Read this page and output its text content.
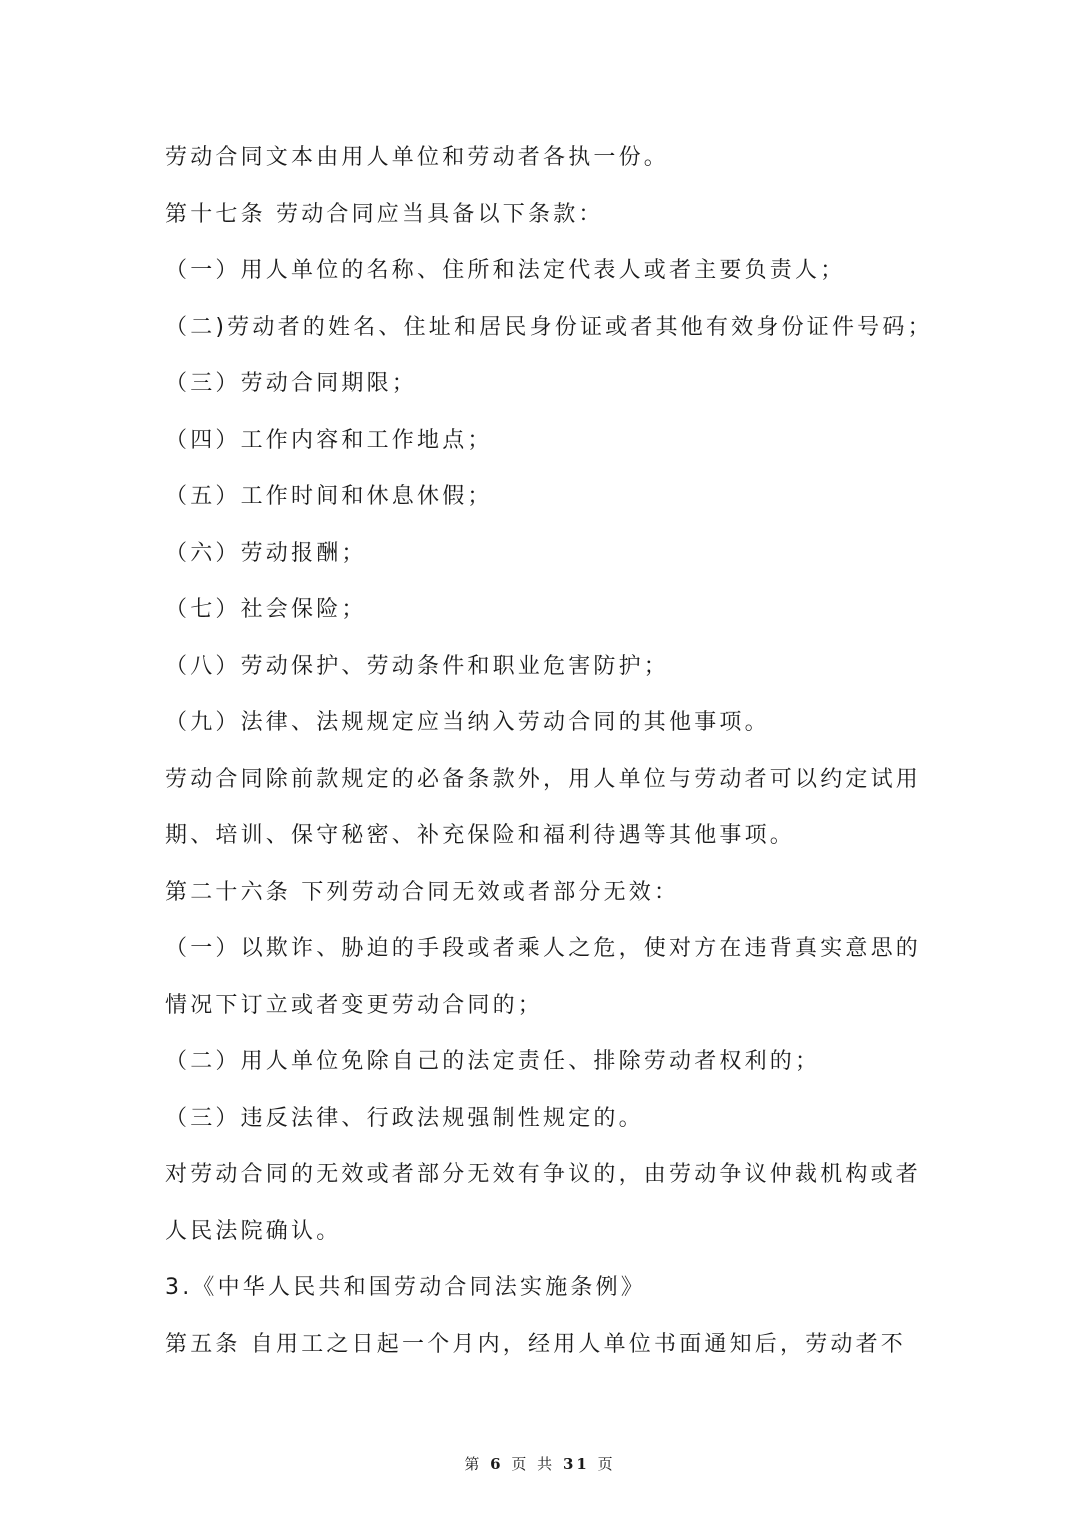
劳动合同文本由用人单位和劳动者各执一份。
第十七条 劳动合同应当具备以下条款：
（一）用人单位的名称、住所和法定代表人或者主要负责人；
（二)劳动者的姓名、住址和居民身份证或者其他有效身份证件号码；
（三）劳动合同期限；
（四）工作内容和工作地点；
（五）工作时间和休息休假；
（六）劳动报酬；
（七）社会保险；
（八）劳动保护、劳动条件和职业危害防护；
（九）法律、法规规定应当纳入劳动合同的其他事项。
劳动合同除前款规定的必备条款外，用人单位与劳动者可以约定试用
期、培训、保守秘密、补充保险和福利待遇等其他事项。
第二十六条 下列劳动合同无效或者部分无效：
（一）以欺诈、胁迫的手段或者乘人之危，使对方在违背真实意思的
情况下订立或者变更劳动合同的；
（二）用人单位免除自己的法定责任、排除劳动者权利的；
（三）违反法律、行政法规强制性规定的。
对劳动合同的无效或者部分无效有争议的，由劳动争议仲裁机构或者
人民法院确认。
3.《中华人民共和国劳动合同法实施条例》
第五条 自用工之日起一个月内，经用人单位书面通知后，劳动者不
第 6 页 共 31 页
